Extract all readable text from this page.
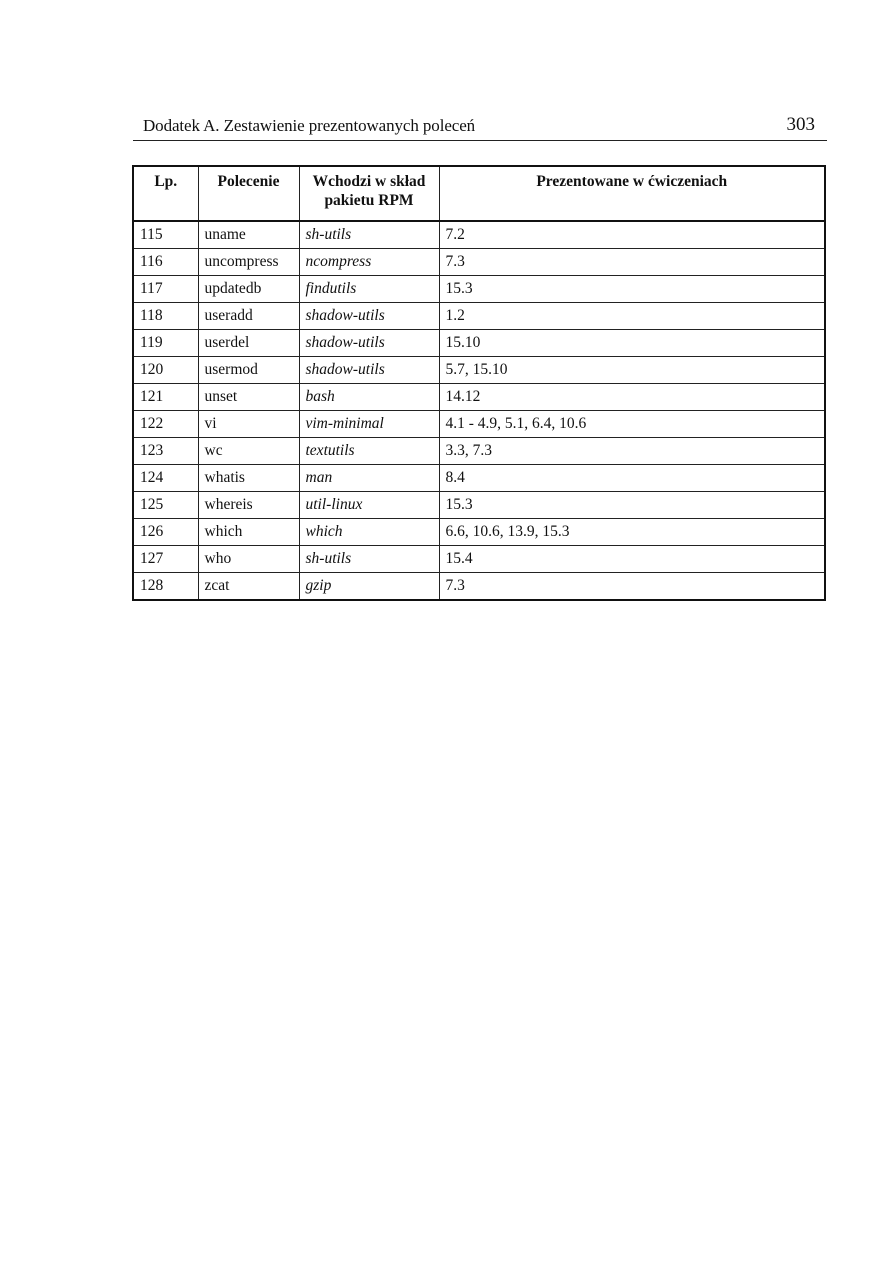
Dodatek A. Zestawienie prezentowanych poleceń	303
Lp.	Polecenie	Wchodzi w skład pakietu RPM	Prezentowane w ćwiczeniach
115	uname	sh-utils	7.2
116	uncompress	ncompress	7.3
117	updatedb	findutils	15.3
118	useradd	shadow-utils	1.2
119	userdel	shadow-utils	15.10
120	usermod	shadow-utils	5.7, 15.10
121	unset	bash	14.12
122	vi	vim-minimal	4.1 - 4.9, 5.1, 6.4, 10.6
123	wc	textutils	3.3, 7.3
124	whatis	man	8.4
125	whereis	util-linux	15.3
126	which	which	6.6, 10.6, 13.9, 15.3
127	who	sh-utils	15.4
128	zcat	gzip	7.3
